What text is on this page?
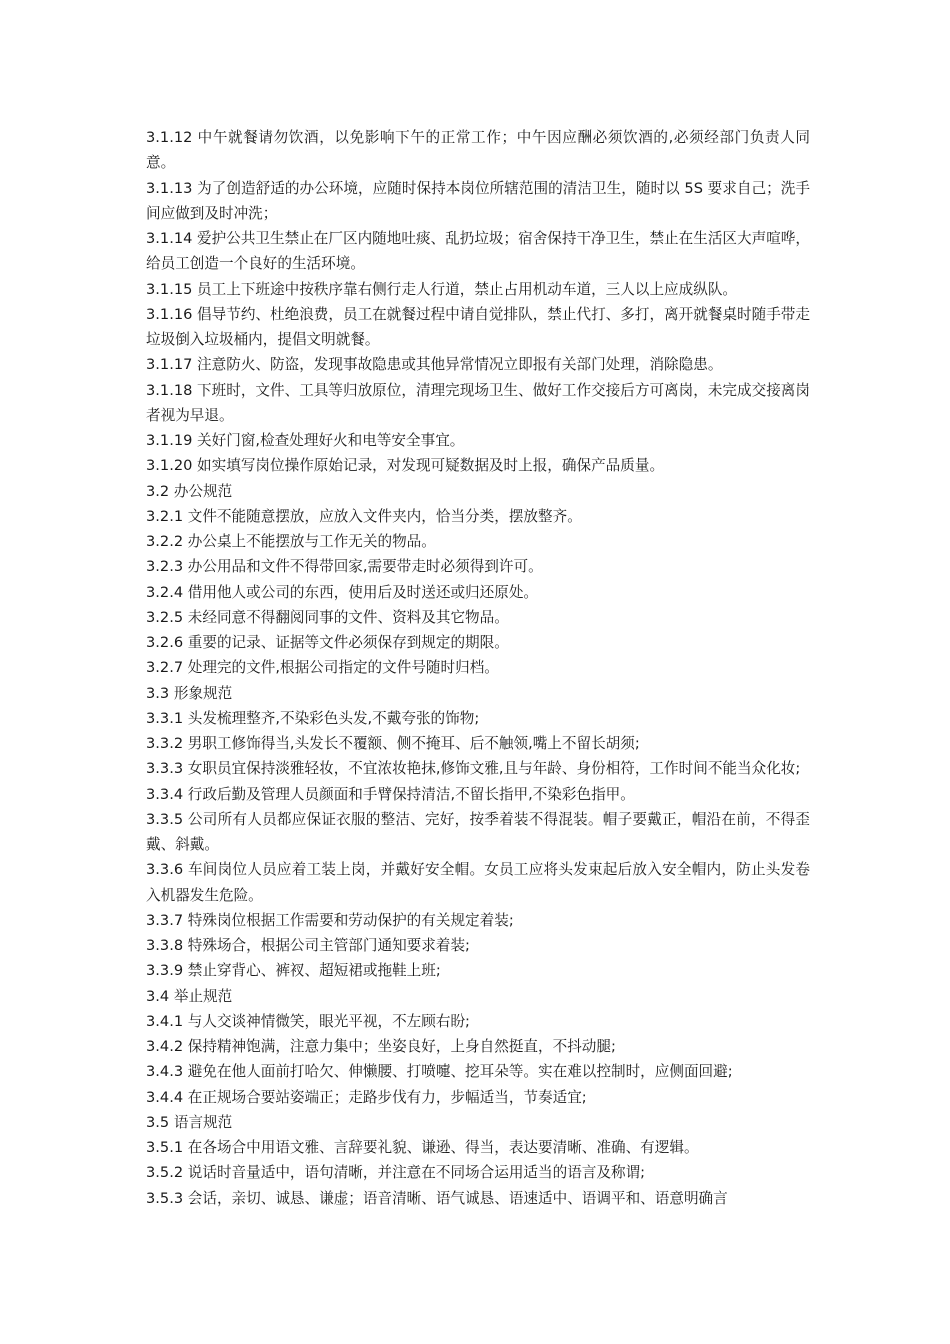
3.1.12 中午就餐请勿饮酒，以免影响下午的正常工作；中午因应酬必须饮酒的,必须经部门负责人同意。

3.1.13 为了创造舒适的办公环境，应随时保持本岗位所辖范围的清洁卫生，随时以 5S 要求自己；洗手间应做到及时冲洗；

3.1.14 爱护公共卫生禁止在厂区内随地吐痰、乱扔垃圾；宿舍保持干净卫生，禁止在生活区大声喧哗，给员工创造一个良好的生活环境。

3.1.15 员工上下班途中按秩序靠右侧行走人行道，禁止占用机动车道，三人以上应成纵队。

3.1.16 倡导节约、杜绝浪费，员工在就餐过程中请自觉排队，禁止代打、多打，离开就餐桌时随手带走垃圾倒入垃圾桶内，提倡文明就餐。

3.1.17 注意防火、防盗，发现事故隐患或其他异常情况立即报有关部门处理，消除隐患。

3.1.18 下班时，文件、工具等归放原位，清理完现场卫生、做好工作交接后方可离岗，未完成交接离岗者视为早退。

3.1.19 关好门窗,检查处理好火和电等安全事宜。

3.1.20 如实填写岗位操作原始记录，对发现可疑数据及时上报，确保产品质量。

3.2 办公规范

3.2.1 文件不能随意摆放，应放入文件夹内，恰当分类，摆放整齐。

3.2.2 办公桌上不能摆放与工作无关的物品。

3.2.3 办公用品和文件不得带回家,需要带走时必须得到许可。

3.2.4 借用他人或公司的东西，使用后及时送还或归还原处。

3.2.5 未经同意不得翻阅同事的文件、资料及其它物品。

3.2.6 重要的记录、证据等文件必须保存到规定的期限。

3.2.7 处理完的文件,根据公司指定的文件号随时归档。

3.3 形象规范

3.3.1 头发梳理整齐,不染彩色头发,不戴夸张的饰物;

3.3.2 男职工修饰得当,头发长不覆额、侧不掩耳、后不触领,嘴上不留长胡须;

3.3.3 女职员宜保持淡雅轻妆，不宜浓妆艳抹,修饰文雅,且与年龄、身份相符，工作时间不能当众化妆;

3.3.4 行政后勤及管理人员颜面和手臂保持清洁,不留长指甲,不染彩色指甲。

3.3.5 公司所有人员都应保证衣服的整洁、完好，按季着装不得混装。帽子要戴正，帽沿在前，不得歪戴、斜戴。

3.3.6 车间岗位人员应着工装上岗，并戴好安全帽。女员工应将头发束起后放入安全帽内，防止头发卷入机器发生危险。

3.3.7 特殊岗位根据工作需要和劳动保护的有关规定着装;

3.3.8 特殊场合，根据公司主管部门通知要求着装;

3.3.9 禁止穿背心、裤衩、超短裙或拖鞋上班;

3.4 举止规范

3.4.1 与人交谈神情微笑，眼光平视，不左顾右盼;

3.4.2 保持精神饱满，注意力集中；坐姿良好，上身自然挺直，不抖动腿;

3.4.3 避免在他人面前打哈欠、伸懒腰、打喷嚏、挖耳朵等。实在难以控制时，应侧面回避;

3.4.4 在正规场合要站姿端正；走路步伐有力，步幅适当，节奏适宜;

3.5 语言规范

3.5.1 在各场合中用语文雅、言辞要礼貌、谦逊、得当，表达要清晰、准确、有逻辑。

3.5.2 说话时音量适中，语句清晰，并注意在不同场合运用适当的语言及称谓;

3.5.3 会话，亲切、诚恳、谦虚；语音清晰、语气诚恳、语速适中、语调平和、语意明确言
